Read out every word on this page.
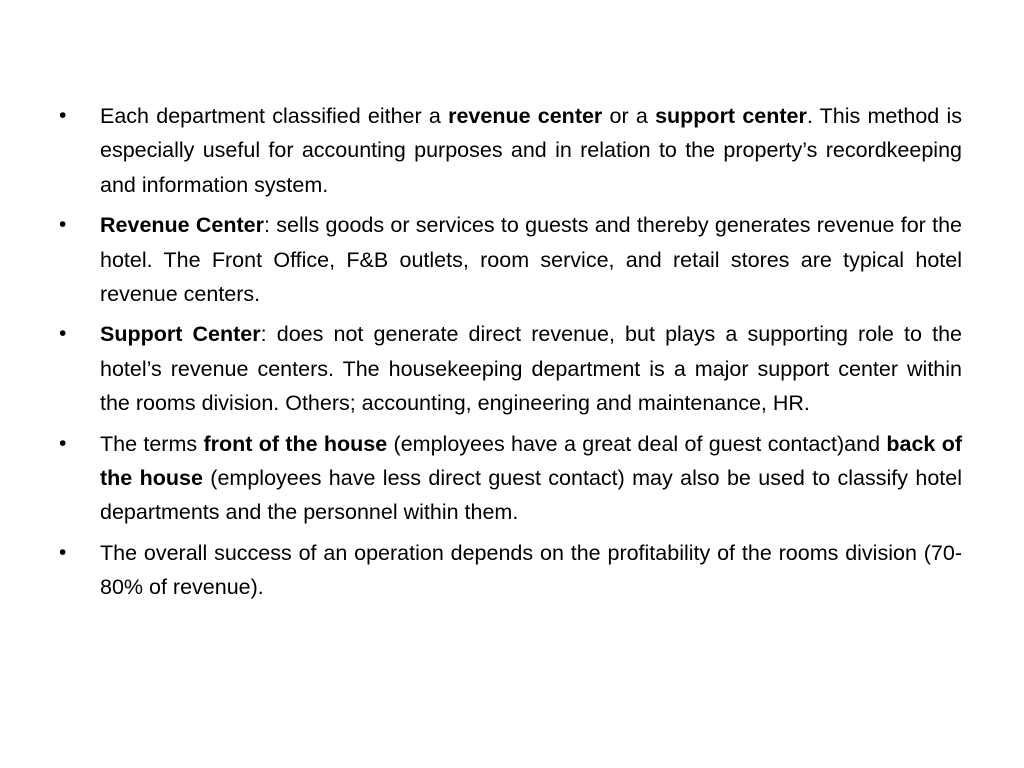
• Each department classified either a revenue center or a support center. This method is especially useful for accounting purposes and in relation to the property’s recordkeeping and information system.
• Revenue Center: sells goods or services to guests and thereby generates revenue for the hotel. The Front Office, F&B outlets, room service, and retail stores are typical hotel revenue centers.
• Support Center: does not generate direct revenue, but plays a supporting role to the hotel’s revenue centers. The housekeeping department is a major support center within the rooms division. Others; accounting, engineering and maintenance, HR.
• The terms front of the house (employees have a great deal of guest contact)and back of the house (employees have less direct guest contact) may also be used to classify hotel departments and the personnel within them.
• The overall success of an operation depends on the profitability of the rooms division (70-80% of revenue).
